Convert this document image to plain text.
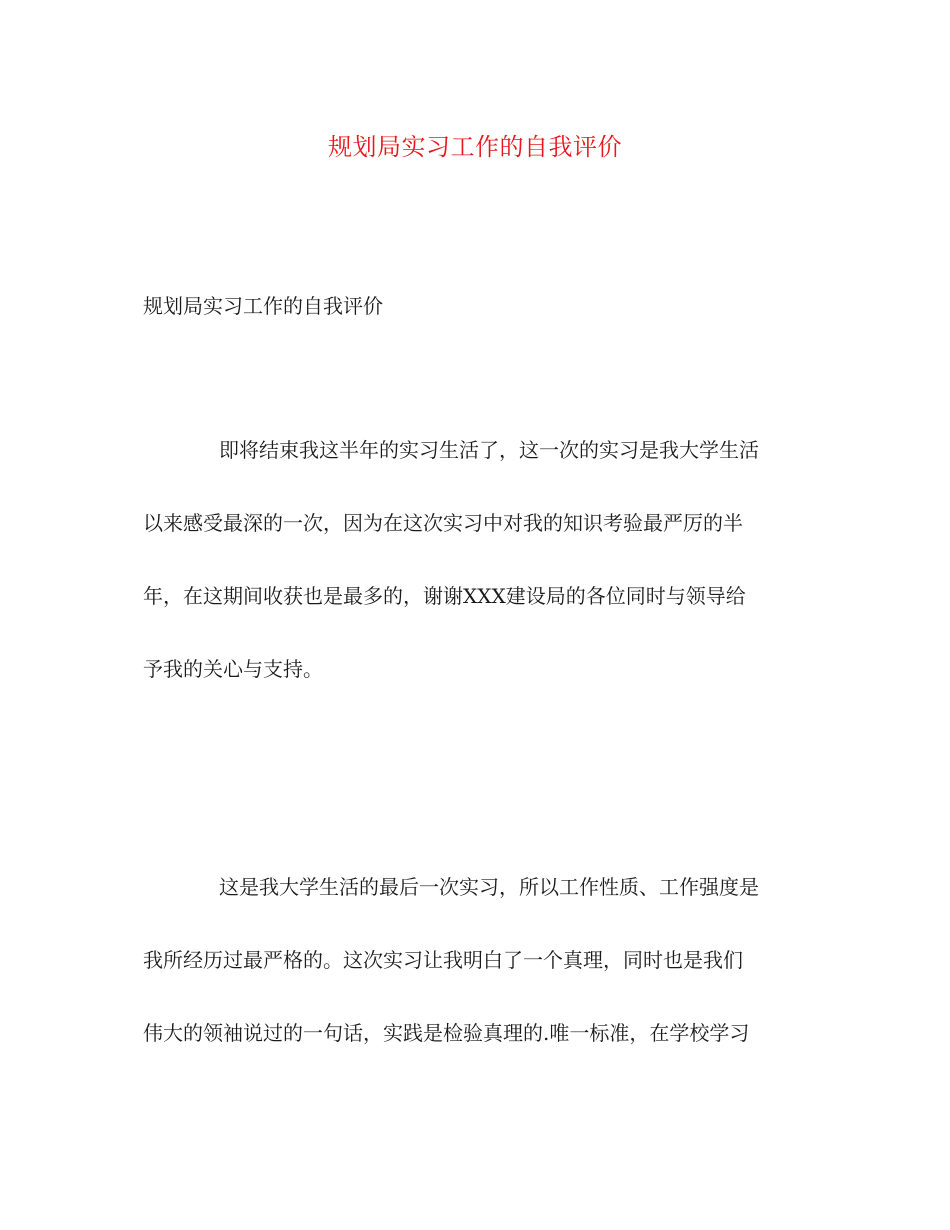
规划局实习工作的自我评价
规划局实习工作的自我评价

即将结束我这半年的实习生活了，这一次的实习是我大学生活
以来感受最深的一次，因为在这次实习中对我的知识考验最严厉的半
年，在这期间收获也是最多的，谢谢XXX建设局的各位同时与领导给
予我的关心与支持。

这是我大学生活的最后一次实习，所以工作性质、工作强度是
我所经历过最严格的。这次实习让我明白了一个真理，同时也是我们
伟大的领袖说过的一句话，实践是检验真理的.唯一标准，在学校学习
